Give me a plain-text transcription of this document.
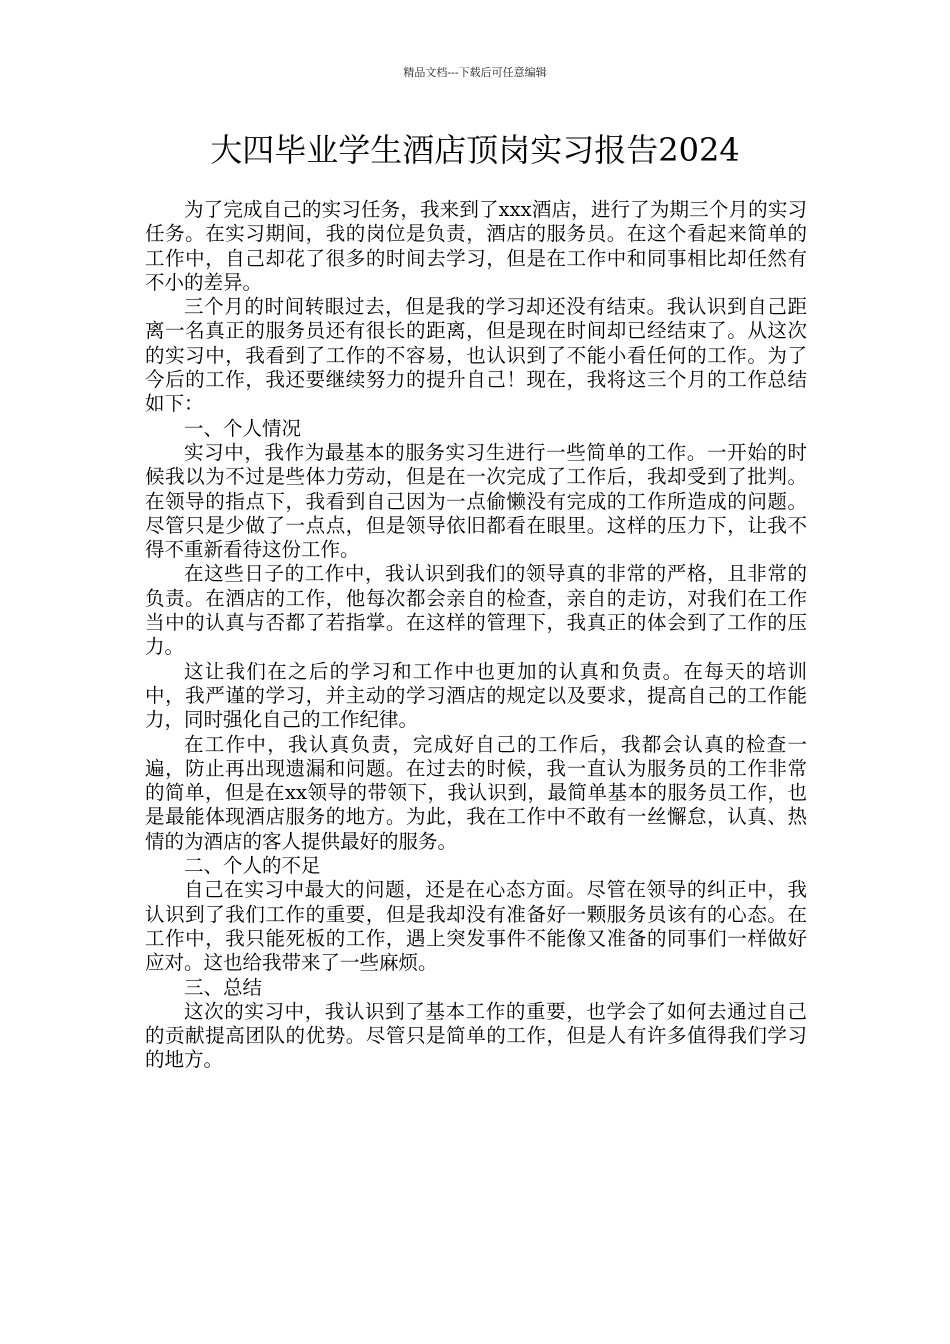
精品文档---下载后可任意编辑
大四毕业学生酒店顶岗实习报告2024

为了完成自己的实习任务，我来到了xxx酒店，进行了为期三个月的实习任务。在实习期间，我的岗位是负责，酒店的服务员。在这个看起来简单的工作中，自己却花了很多的时间去学习，但是在工作中和同事相比却任然有不小的差异。

三个月的时间转眼过去，但是我的学习却还没有结束。我认识到自己距离一名真正的服务员还有很长的距离，但是现在时间却已经结束了。从这次的实习中，我看到了工作的不容易，也认识到了不能小看任何的工作。为了今后的工作，我还要继续努力的提升自己！现在，我将这三个月的工作总结如下：

一、个人情况

实习中，我作为最基本的服务实习生进行一些简单的工作。一开始的时候我以为不过是些体力劳动，但是在一次完成了工作后，我却受到了批判。在领导的指点下，我看到自己因为一点偷懒没有完成的工作所造成的问题。尽管只是少做了一点点，但是领导依旧都看在眼里。这样的压力下，让我不得不重新看待这份工作。

在这些日子的工作中，我认识到我们的领导真的非常的严格，且非常的负责。在酒店的工作，他每次都会亲自的检查，亲自的走访，对我们在工作当中的认真与否都了若指掌。在这样的管理下，我真正的体会到了工作的压力。

这让我们在之后的学习和工作中也更加的认真和负责。在每天的培训中，我严谨的学习，并主动的学习酒店的规定以及要求，提高自己的工作能力，同时强化自己的工作纪律。

在工作中，我认真负责，完成好自己的工作后，我都会认真的检查一遍，防止再出现遗漏和问题。在过去的时候，我一直认为服务员的工作非常的简单，但是在xx领导的带领下，我认识到，最简单基本的服务员工作，也是最能体现酒店服务的地方。为此，我在工作中不敢有一丝懈怠，认真、热情的为酒店的客人提供最好的服务。

二、个人的不足

自己在实习中最大的问题，还是在心态方面。尽管在领导的纠正中，我认识到了我们工作的重要，但是我却没有准备好一颗服务员该有的心态。在工作中，我只能死板的工作，遇上突发事件不能像又准备的同事们一样做好应对。这也给我带来了一些麻烦。

三、总结

这次的实习中，我认识到了基本工作的重要，也学会了如何去通过自己的贡献提高团队的优势。尽管只是简单的工作，但是人有许多值得我们学习的地方。
